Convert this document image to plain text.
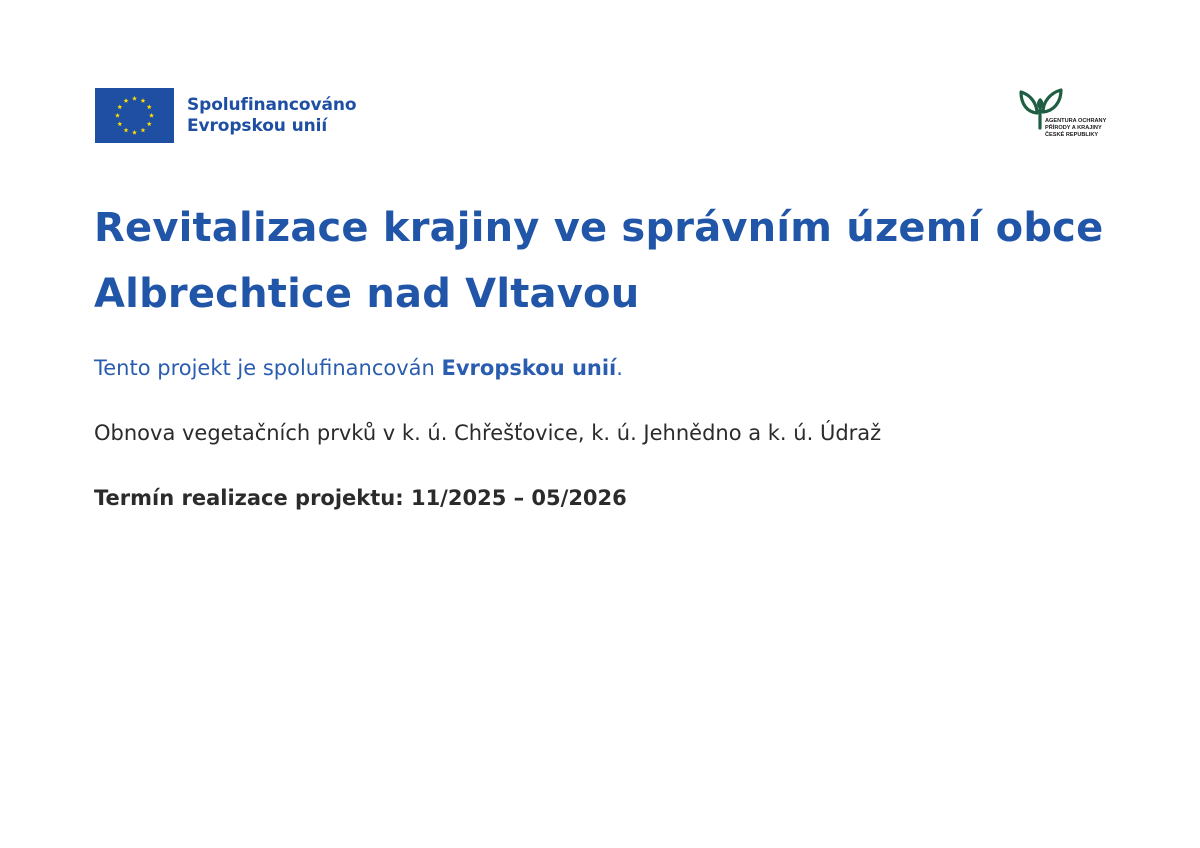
Spolufinancováno
Evropskou unií	AGENTURA OCHRANY
PŘÍRODY A KRAJINY
ČESKÉ REPUBLIKY
Revitalizace krajiny ve správním území obce
Albrechtice nad Vltavou

Tento projekt je spolufinancován Evropskou unií.

Obnova vegetačních prvků v k. ú. Chřešťovice, k. ú. Jehnědno a k. ú. Údraž

Termín realizace projektu: 11/2025 – 05/2026
